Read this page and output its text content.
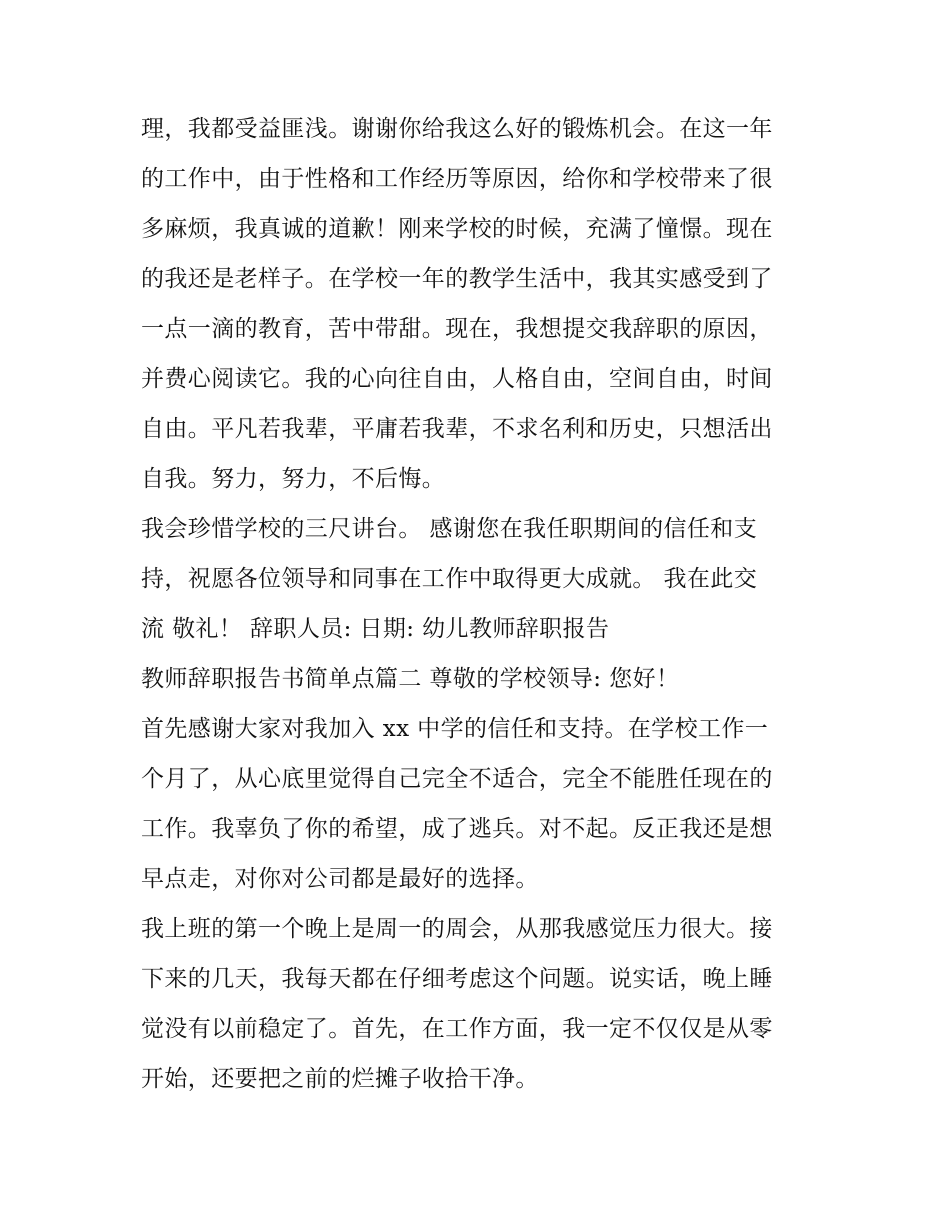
理，我都受益匪浅。谢谢你给我这么好的锻炼机会。在这一年
的工作中，由于性格和工作经历等原因，给你和学校带来了很
多麻烦，我真诚的道歉！刚来学校的时候，充满了憧憬。现在
的我还是老样子。在学校一年的教学生活中，我其实感受到了
一点一滴的教育，苦中带甜。现在，我想提交我辞职的原因，
并费心阅读它。我的心向往自由，人格自由，空间自由，时间
自由。平凡若我辈，平庸若我辈，不求名利和历史，只想活出
自我。努力，努力，不后悔。
我会珍惜学校的三尺讲台。 感谢您在我任职期间的信任和支
持，祝愿各位领导和同事在工作中取得更大成就。 我在此交
流 敬礼！ 辞职人员: 日期: 幼儿教师辞职报告
教师辞职报告书简单点篇二 尊敬的学校领导: 您好！
首先感谢大家对我加入 xx 中学的信任和支持。在学校工作一
个月了，从心底里觉得自己完全不适合，完全不能胜任现在的
工作。我辜负了你的希望，成了逃兵。对不起。反正我还是想
早点走，对你对公司都是最好的选择。
我上班的第一个晚上是周一的周会，从那我感觉压力很大。接
下来的几天，我每天都在仔细考虑这个问题。说实话，晚上睡
觉没有以前稳定了。首先，在工作方面，我一定不仅仅是从零
开始，还要把之前的烂摊子收拾干净。
